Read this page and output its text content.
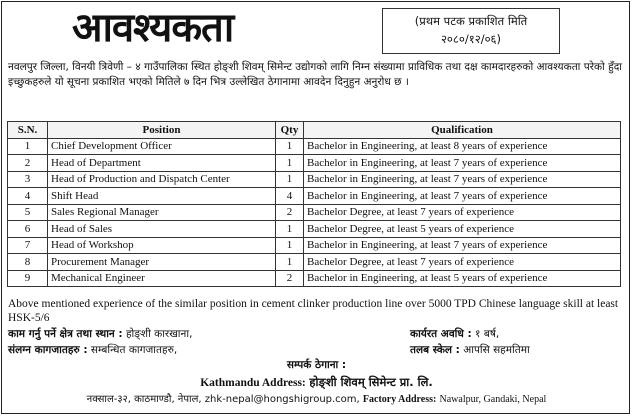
आवश्यकता	(प्रथम पटक प्रकाशित मिति
२०८०/१२/०६)
नवलपुर जिल्ला, विनयी त्रिवेणी – ४ गाउँपालिका स्थित होङ्शी शिवम् सिमेन्ट उद्योगको लागि निम्न संख्यामा प्राविधिक तथा दक्ष कामदारहरुको आवश्यकता परेको हुँदा इच्छुकहरुले यो सूचना प्रकाशित भएको मितिले ७ दिन भित्र उल्लेखित ठेगानामा आवदेन दिनुहुन अनुरोध छ ।
S.N.	Position	Qty	Qualification
1	Chief Development Officer	1	Bachelor in Engineering, at least 8 years of experience
2	Head of Department	1	Bachelor in Engineering, at least 7 years of experience
3	Head of Production and Dispatch Center	1	Bachelor in Engineering, at least 7 years of experience
4	Shift Head	4	Bachelor in Engineering, at least 7 years of experience
5	Sales Regional Manager	2	Bachelor Degree, at least 7 years of experience
6	Head of Sales	1	Bachelor Degree, at least 5 years of experience
7	Head of Workshop	1	Bachelor in Engineering, at least 7 years of experience
8	Procurement Manager	1	Bachelor Degree, at least 7 years of experience
9	Mechanical Engineer	2	Bachelor in Engineering, at least 5 years of experience
Above mentioned experience of the similar position in cement clinker production line over 5000 TPD Chinese language skill at least HSK-5/6
काम गर्नु पर्ने क्षेत्र तथा स्थान : होङ्शी कारखाना,	कार्यरत अवधि : १ बर्ष,
संलग्न कागजातहरु : सम्बन्धित कागजातहरु,	तलब स्केल : आपसि सहमतिमा
सम्पर्क ठेगाना :
Kathmandu Address: होङ्शी शिवम् सिमेन्ट प्रा. लि.
नक्साल-३२, काठमाण्डौ, नेपाल, zhk-nepal@hongshigroup.com, Factory Address: Nawalpur, Gandaki, Nepal
